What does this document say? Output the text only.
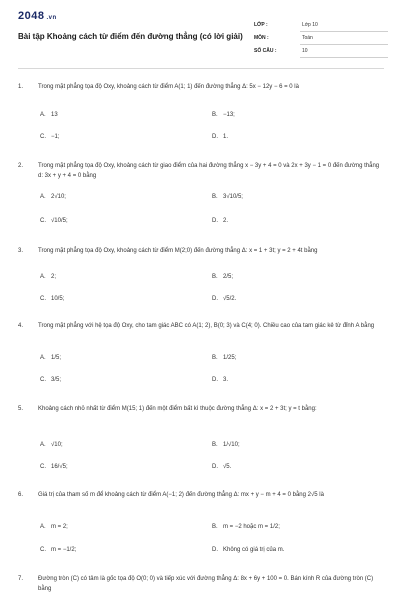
2048 .vn
Bài tập Khoảng cách từ điểm đến đường thẳng (có lời giải)
LỚP :	Lớp 10
MÔN :	Toán
SỐ CÂU :	10
1. Trong mặt phẳng tọa độ Oxy, khoảng cách từ điểm A(1; 1) đến đường thẳng Δ: 5x − 12y − 6 = 0 là
A. 13	B. −13;
C. −1;	D. 1.
2. Trong mặt phẳng tọa độ Oxy, khoảng cách từ giao điểm của hai đường thẳng x − 3y + 4 = 0 và 2x + 3y − 1 = 0 đến đường thẳng d: 3x + y + 4 = 0 bằng
A. 2√10;	B. 3√10/5;
C. √10/5;	D. 2.
3. Trong mặt phẳng tọa độ Oxy, khoảng cách từ điểm M(2;0) đến đường thẳng Δ: x = 1 + 3t; y = 2 + 4t bằng
A. 2;	B. 2/5;
C. 10/5;	D. √5/2.
4. Trong mặt phẳng với hệ tọa độ Oxy, cho tam giác ABC có A(1; 2), B(0; 3) và C(4; 0). Chiều cao của tam giác kẻ từ đỉnh A bằng
A. 1/5;	B. 1/25;
C. 3/5;	D. 3.
5. Khoảng cách nhỏ nhất từ điểm M(15; 1) đến một điểm bất kì thuộc đường thẳng Δ: x = 2 + 3t; y = t bằng:
A. √10;	B. 1/√10;
C. 16/√5;	D. √5.
6. Giá trị của tham số m để khoảng cách từ điểm A(−1; 2) đến đường thẳng Δ: mx + y − m + 4 = 0 bằng 2√5 là
A. m = 2;	B. m = −2 hoặc m = 1/2;
C. m = −1/2;	D. Không có giá trị của m.
7. Đường tròn (C) có tâm là gốc tọa độ O(0; 0) và tiếp xúc với đường thẳng Δ: 8x + 6y + 100 = 0. Bán kính R của đường tròn (C) bằng
